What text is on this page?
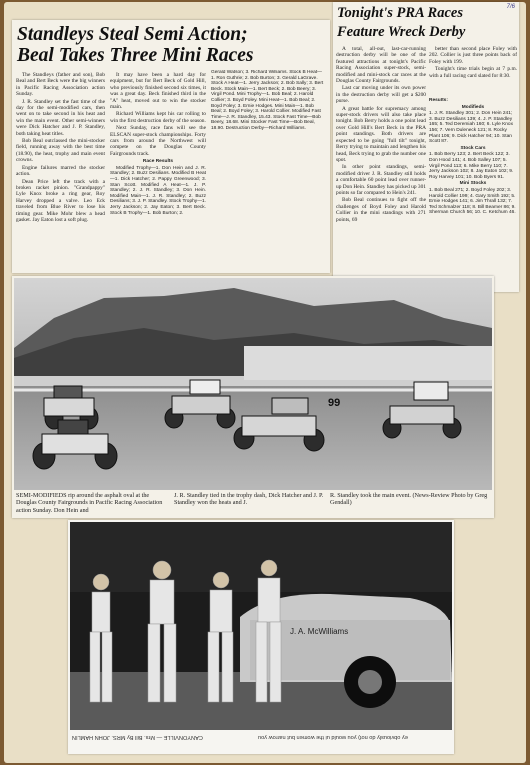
Standleys Steal Semi Action;
Beal Takes Three Mini Races

The Standleys (father and son), Bob Beal and Bert Beck were the big winners in Pacific Racing Association action Sunday.

J. R. Standley set the fast time of the day for the semi-modified cars, then went on to take second in his heat and win the main event. Other semi-winners were Dick Hatcher and J. P. Standley, both taking heat titles.

Bob Beal outclassed the mini-stocker field, running away with the best time (18.90), the heat, trophy and main event crowns.

Engine failures marred the stocker action.

Dean Price left the track with a broken racket pinion. "Grandpappy" Lyle Knox broke a ring gear, Roy Harvey dropped a valve. Leo Eck traveled from Blue River to lose his timing gear. Mike Mohr blew a head gasket. Jay Eaton lost a soft plug.

It may have been a hard day for equipment, but for Bert Beck of Gold Hill, who previously finished second six times, it was a great day. Beck finished third in the "A" heat, moved out to win the stocker main.

Richard Williams kept his car rolling to win the first destruction derby of the season.

Next Sunday, race fans will see the ELSCAN super-stock championships. Forty cars from around the Northwest will compete on the Douglas County Fairgrounds track.

Race Results

Modified Trophy—1. Don Hein and J. R. Standley; 2. Buzz Desilians. Modified B Heat—1. Dick Hatcher; 2. Pappy Greenwood; 3. Stan Scott. Modified A Heat—1. J. P. Standley; 2. J. R. Standley; 3. Don Hein. Modified Main—1. J. R. Standley; 2. Buzz Desilians; 3. J. P. Standley. Stock Trophy—1. Jerry Jackson; 2. Jay Eaton; 3. Bert Beck. Stock B Trophy—1. Bob Burton; 2.

Gerald Watson; 3. Richard Williams. Stock B Heat—1. Ron Guthrie; 2. Bob Burton; 3. Gerald LaGrave. Stock A Heat—1. Jerry Jackson; 2. Bob Sally; 3. Bert Beck. Stock Main—1. Bert Beck; 2. Bob Beery; 3. Virgil Pond. Mini Trophy—1. Bob Beal; 2. Harold Collier; 3. Boyd Foley. Mini Heat—1. Bob Beal; 2. Boyd Foley; 3. Ernie Hodges. Mini Main—1. Bob Beal; 2. Boyd Foley; 3. Harold Collier. Modified Fast Time—J. R. Standley, 15.43. Stock Fast Time—Bob Beery, 18.68. Mini Stocker Fast Time—Bob Beal, 18.90. Destruction Derby—Richard Williams.

7/6
Tonight's PRA Races
Feature Wreck Derby

A total, all-out, last-car-running destruction derby will be one of the featured attractions at tonight's Pacific Racing Association super-stock, semi-modified and mini-stock car races at the Douglas County Fairgrounds.

Last car moving under its own power in the destruction derby will get a $200 purse.

A great battle for supremacy among super-stock drivers will also take place tonight. Bob Berry holds a one point lead over Gold Hill's Bert Beck in the PRA point standings. Both drivers are expected to be going "full tilt" tonight, Berry trying to maintain and lengthen his head, Beck trying to grab the number one spot.

In other point standings, semi-modified driver J. R. Standley still holds a comfortable 60 point lead over runner-up Don Hein. Standley has picked up 301 points so far compared to Hein's 241.

Bob Beal continues to fight off the challenges of Boyd Foley and Harold Collier in the mini standings with 271 points, 69

better than second place Foley with 202. Collier is just three points back of Foley with 199.

Tonight's time trials begin at 7 p.m. with a full racing card slated for 8:30.

Results:

Modifieds

1. J. R. Standley 301; 2. Don Hein 241; 3. Buzz Desilians 139; 4. J. P. Standley 165; 5. Ted Deremiah 160; 6. Lyle Knox 156; 7. Vern Duleneck 121; 8. Rocky Plant 106; 9. Dick Hatcher 94; 10. Stan Scott 87.

Stock Cars

1. Bob Berry 123; 2. Bert Beck 122; 3. Don Hood 141; 4. Bob Salley 107; 5. Virgil Pond 113; 6. Mike Berry 110; 7. Jerry Jackson 102; 8. Jay Eaton 102; 9. Roy Harvey 101; 10. Bob Byers 91.

Mini Stocks

1. Bob Beal 271; 2. Boyd Foley 202; 3. Harold Collier 199; 4. Gary Smith 192; 5. Ernie Hodges 141; 6. Jim Thrall 132; 7. Ted Schmalzer 118; 8. Bill Beamer 86; 9. Sherman Church 56; 10. C. Ketchum 46.

99
SEMI-MODIFIEDS rip around the asphalt oval at the Douglas County Fairgrounds in Pacific Racing Association action Sunday. Don Hein and
J. R. Standley tied in the trophy dash, Dick Hatcher and J. P. Standley won the heats and J.
R. Standley took the main event. (News-Review Photo by Greg Gendall)
J. A. McWilliams
CANYONVILLE — Mrs. Bill By MRS. JOHN HAMLIN	ey obviously do not) you would ui the women but narrow you
